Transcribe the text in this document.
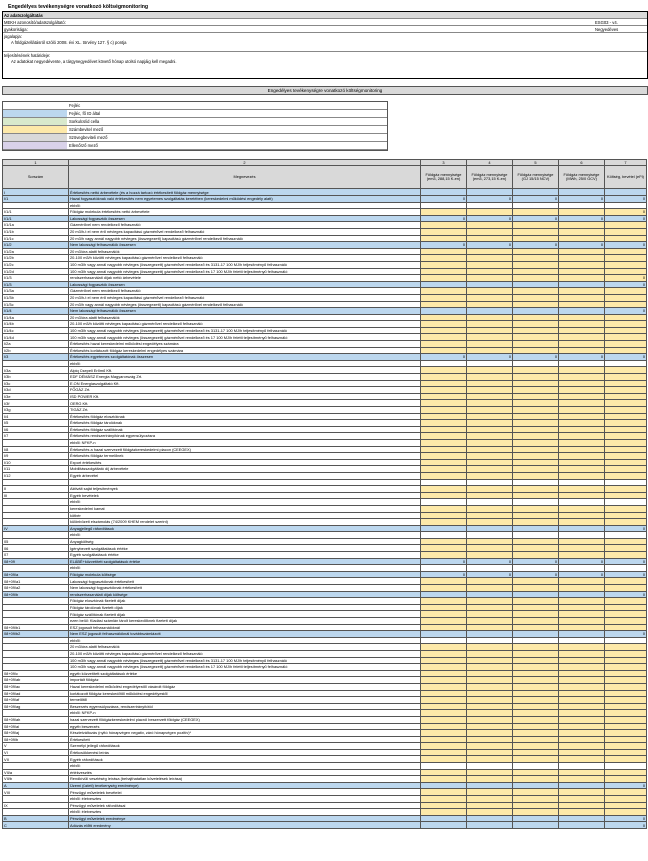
Engedélyes tevékenységre vonatkozó költségmonitoring
Az adatszolgáltatás
MEKH azonosító/adatszolgáltató:	ESG03 - v4.
gyakorisága:	Negyedéves
jogalapja:
A földgázellátásról szóló 2008. évi XL. törvény 127. § c) pontja
teljesítésének határideje:
Az adatokat negyedévente, a tárgynegyedévet követő hónap utolsó napjáig kell megadni.
Engedélyes tevékenységre vonatkozó költségmonitoring
Fejléc
Fejléc, fő ID által
Sorkulcs/id cella
Számbevitel mező
Szövegbeviteli mező
Ellenőrző mező
1	2	3	4	5	6	7
Sorszám	Megnevezés	Földgáz mennyisége (em3, 288,15 K-en)	Földgáz mennyisége (em3, 273,15 K-en)	Földgáz mennyisége (GJ 15/15 NCV)	Földgáz mennyisége (MWh, 25/0 GCV)	Költség, bevétel (eFt)
I	Értékesítés nettó árbevétele (és a hozzá tartozó értékesített földgáz mennyisége					
I/1	Hazai fogyasztóknak való értékesítés nem egyetemes szolgáltatás keretében (kereskedelmi működési engedély alatt)	0	0	0	0	0
	ebből:					
I/1/1	Földgáz molekula értékesítés nettó árbevétele					0
I/1/1	Lakossági fogyasztók összesen	0	0	0	0	0
I/1/1a	Gázmérővel nem rendelkező felhasználó					
I/1/1b	20 m3/h-t el nem érő névleges kapacitású gázmérővel rendelkező felhasználó					
I/1/1c	20 m3/h vagy annál nagyobb névleges (összegezett) kapacitású gázmérővel rendelkező felhasználó					
I/1/2	Nem lakossági felhasználók összesen	0	0	0	0	0
I/1/2a	20 m3/óra alatti felhasználók					
I/1/2b	20-100 m3/h közötti névleges kapacitású gázmérővel rendelkező felhasználó					
I/1/2c	100 m3/h vagy annál nagyobb névleges (összegezett) gázmérővel rendelkező és 3131-17 100 MJ/h teljesítményű felhasználó					
I/1/2d	100 m3/h vagy annál nagyobb névleges (összegezett) gázmérővel rendelkező és 17 100 MJ/h feletti teljesítményű felhasználó					
I/1/3	rendszerhasználati díjak nettó árbevétele					0
I/1/3	Lakossági fogyasztók összesen					0
I/1/3a	Gázmérővel nem rendelkező felhasználó					
I/1/3b	20 m3/h-t el nem érő névleges kapacitású gázmérővel rendelkező felhasználó					
I/1/3c	20 m3/h vagy annál nagyobb névleges (összegezett) kapacitású gázmérővel rendelkező felhasználó					
I/1/4	Nem lakossági felhasználók összesen					0
I/1/4a	20 m3/óra alatti felhasználók					
I/1/4b	20-100 m3/h közötti névleges kapacitású gázmérővel rendelkező felhasználó					
I/1/4c	100 m3/h vagy annál nagyobb névleges (összegezett) gázmérővel rendelkező és 3131-17 100 MJ/h teljesítményű felhasználó					
I/1/4d	100 m3/h vagy annál nagyobb névleges (összegezett) gázmérővel rendelkező és 17 100 MJ/h feletti teljesítményű felhasználó					
I/2a	Értékesítés hazai kereskedelmi működési engedélyes számára					
I/2b	Értékesítés korlátozott földgáz kereskedelmi engedélyes számára					
I/3	Értékesítés egyetemes szolgáltatónak összesen	0	0	0	0	0
	ebből:					
I/3a	Alpiq Csepeli Erőmű Kft.					
I/3b	EDF DÉMÁSZ Energia Magyarország Zrt.					
I/3c	E.ON Energiaszolgáltató Kft.					
I/3d	FŐGÁZ Zrt.					
I/3e	ISD POWER Kft.					
I/3f	OERG Kft.					
I/3g	TIGÁZ Zrt.					
I/4	Értékesítés földgáz elosztóknak					
I/5	Értékesítés földgáz tárolóknak					
I/6	Értékesítés földgáz szállítónak					
I/7	Értékesítés rendszerirányítónak egyensúlyozásra					
	ebből: NFKP-n					
I/8	Értékesítés a hazai szervezett földgázkereskedelmi piacon (CEEGEX)					
I/9	Értékesítés földgáz termelőnek					
I/10	Export értékesítés					
I/11	Mobilitásszolgáltató díj árbevétele					
I/12	Egyéb árbevétel					

II	Aktivált saját teljesítmények					
III	Egyéb bevételek					
	ebből:					
	kereskedelmi kamat					
	kötbér					
	különbözeti elszámolás (74/2009 KHEM rendelet szerint)					
IV	Anyagjellegű ráfordítások					0
	ebből:					
05	Anyagköltség					
06	Igénybevett szolgáltatások értéke					
07	Egyéb szolgáltatások értéke					
08+09	ELÁBÉ+közvetített szolgáltatások értéke	0	0	0	0	0
	ebből:					
08+09/a	Földgáz molekula költsége	0	0	0	0	0
08+09/a1	Lakossági fogyasztóknak értékesített					
08+09/a2	Nem lakossági fogyasztóknak értékesített					
08+09/b	rendszerhasználati díjak költsége					0
	Földgáz elosztónak fizetett díjak					
	Földgáz tárolónak fizetett díjak					
	Földgáz szállítónak fizetett díjak					
	ezen belül: Kiadási számlán tárolt kereskedőknek fizetett díjak					
08+09/b1	ESZ jogosult felhasználóknál					
08+09/b2	Nem ESZ jogosult felhasználóknál továbbszámlázott					0
	ebből:					
	20 m3/óra alatti felhasználók					
	20-100 m3/h közötti névleges kapacitású gázmérővel rendelkező felhasználó					
	100 m3/h vagy annál nagyobb névleges (összegezett) gázmérővel rendelkező és 3131-17 100 MJ/h teljesítményű felhasználó					
	100 m3/h vagy annál nagyobb névleges (összegezett) gázmérővel rendelkező és 17 100 MJ/h feletti teljesítményű felhasználó					
08+09/c	egyéb közvetített szolgáltatások értéke					
08+09/ab	importált földgáz					
08+09/ac	Hazai kereskedelmi működési engedélyestől vásárolt földgáz					
08+09/ad	korlátozott földgáz kereskedőtől működési engedélyestől					
08+09/af	termelőtől					
08+09/ag	Beszerzés egyensúlyozásra, rendszerirányítótól					
	ebből: NFKP-n					
08+09/ah	hazai szervezett földgázkereskedelmi piacról beszerzett földgáz (CEEGEX)					
08+09/ai	egyéb beszerzés					
08+09/aj	Készletváltozás (nyitó hónapvégen negatív, záró hónapvégen pozitív)*					
08+09/b	Értékesített					
V	Személyi jellegű ráfordítások					
VI	Értékcsökkenési leírás					
VII	Egyéb ráfordítások					
	ebből:					
VII/a	értékvesztés					
VII/b	Rendkívüli vesztéség leírása (behajthatatlan követelések leírása)					
A	Üzemi (üzleti) tevékenység eredménye)					0
VIII	Pénzügyi műveletek bevételei					
	ebből: életvesztes					
IX	Pénzügyi műveletek ráfordításai					
	ebből: életvesztes					
B	Pénzügyi műveletek eredménye					0
C	Adózás előtti eredmény					0
